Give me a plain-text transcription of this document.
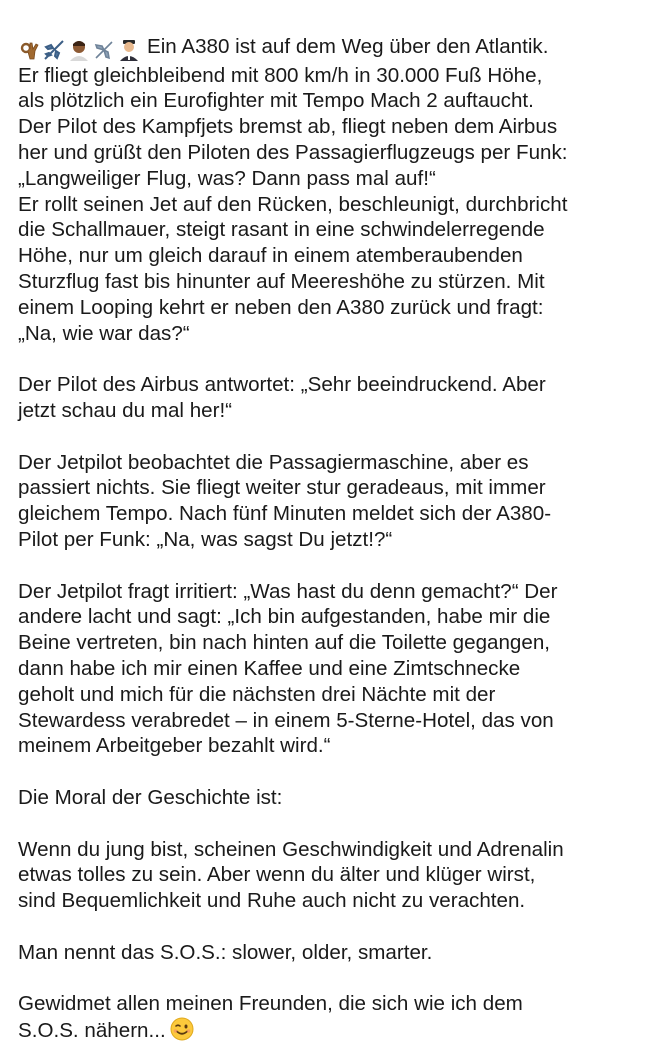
Ein A380 ist auf dem Weg über den Atlantik.
Er fliegt gleichbleibend mit 800 km/h in 30.000 Fuß Höhe,
als plötzlich ein Eurofighter mit Tempo Mach 2 auftaucht.
Der Pilot des Kampfjets bremst ab, fliegt neben dem Airbus
her und grüßt den Piloten des Passagierflugzeugs per Funk:
„Langweiliger Flug, was? Dann pass mal auf!“
Er rollt seinen Jet auf den Rücken, beschleunigt, durchbricht
die Schallmauer, steigt rasant in eine schwindelerregende
Höhe, nur um gleich darauf in einem atemberaubenden
Sturzflug fast bis hinunter auf Meereshöhe zu stürzen. Mit
einem Looping kehrt er neben den A380 zurück und fragt:
„Na, wie war das?“

Der Pilot des Airbus antwortet: „Sehr beeindruckend. Aber
jetzt schau du mal her!“

Der Jetpilot beobachtet die Passagiermaschine, aber es
passiert nichts. Sie fliegt weiter stur geradeaus, mit immer
gleichem Tempo. Nach fünf Minuten meldet sich der A380-
Pilot per Funk: „Na, was sagst Du jetzt!?“

Der Jetpilot fragt irritiert: „Was hast du denn gemacht?“ Der
andere lacht und sagt: „Ich bin aufgestanden, habe mir die
Beine vertreten, bin nach hinten auf die Toilette gegangen,
dann habe ich mir einen Kaffee und eine Zimtschnecke
geholt und mich für die nächsten drei Nächte mit der
Stewardess verabredet – in einem 5-Sterne-Hotel, das von
meinem Arbeitgeber bezahlt wird.“

Die Moral der Geschichte ist:

Wenn du jung bist, scheinen Geschwindigkeit und Adrenalin
etwas tolles zu sein. Aber wenn du älter und klüger wirst,
sind Bequemlichkeit und Ruhe auch nicht zu verachten.

Man nennt das S.O.S.: slower, older, smarter.

Gewidmet allen meinen Freunden, die sich wie ich dem
S.O.S. nähern...
